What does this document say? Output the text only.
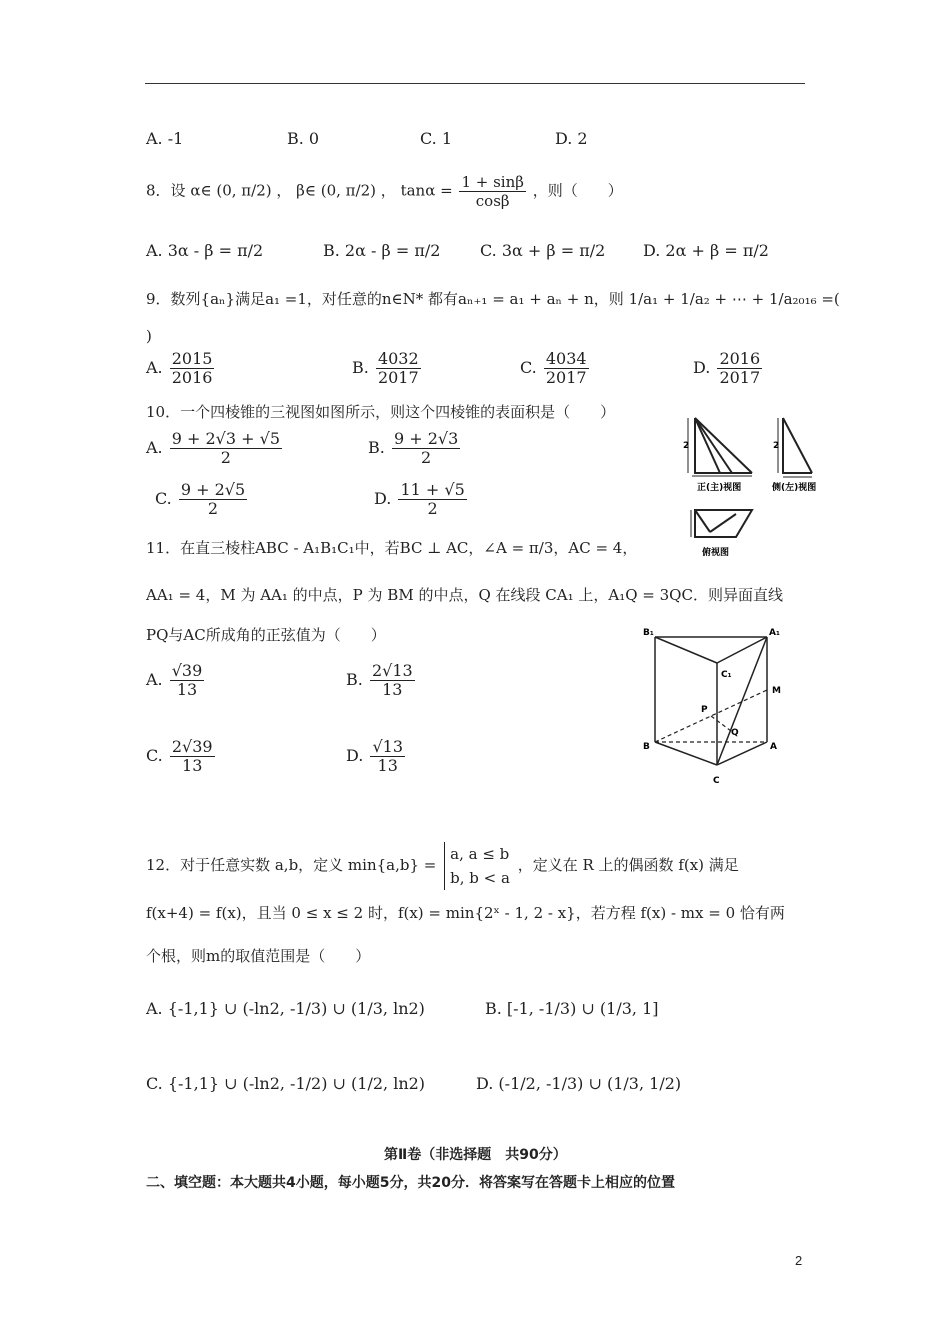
A. -1	B. 0	C. 1	D. 2
8．设 α∈ (0, π/2) ， β∈ (0, π/2) ， $\tan\alpha = \frac{1 + \sin\beta}{\cos\beta}$ ，则（　　）
A. 3α - β = π/2	B. 2α - β = π/2 C. 3α + β = π/2 D. 2α + β = π/2
9．数列{aₙ}满足a₁ =1，对任意的n∈N* 都有aₙ₊₁ = a₁ + aₙ + n，则 1/a₁ + 1/a₂ + ⋯ + 1/a₂₀₁₆ =(
)
A. $\frac{2015}{2016}$	B. $\frac{4032}{2017}$	C. $\frac{4034}{2017}$	D. $\frac{2016}{2017}$
10．一个四棱锥的三视图如图所示，则这个四棱锥的表面积是（　　）
A. $\frac{9 + 2√3 + √5}{2}$	B. $\frac{9 + 2√3}{2}$
C. $\frac{9 + 2√5}{2}$	D. $\frac{11 + √5}{2}$
2
正(主)视图
2
侧(左)视图
俯视图
11．在直三棱柱ABC - A₁B₁C₁中，若BC ⊥ AC，∠A = π/3，AC = 4，
AA₁ = 4，M 为 AA₁ 的中点，P 为 BM 的中点，Q 在线段 CA₁ 上，A₁Q = 3QC．则异面直线
PQ与AC所成角的正弦值为（　　）
A. $\frac{√39}{13}$	B. $\frac{2√13}{13}$
C. $\frac{2√39}{13}$	D. $\frac{√13}{13}$
B₁	A₁
C₁
M
P
Q
B	A
C
12．对于任意实数 a,b，定义 min{a,b} =
a, a ≤ b
b, b < a
，定义在 R 上的偶函数 f(x) 满足
f(x+4) = f(x)，且当 0 ≤ x ≤ 2 时，f(x) = min{2ˣ - 1, 2 - x}，若方程 f(x) - mx = 0 恰有两
个根，则m的取值范围是（　　）
A. {-1,1} ∪ (-ln2, -1/3) ∪ (1/3, ln2)	B. [-1, -1/3) ∪ (1/3, 1]
C. {-1,1} ∪ (-ln2, -1/2) ∪ (1/2, ln2)	D. (-1/2, -1/3) ∪ (1/3, 1/2)
第Ⅱ卷（非选择题　共90分）
二、填空题：本大题共4小题，每小题5分，共20分．将答案写在答题卡上相应的位置
2
